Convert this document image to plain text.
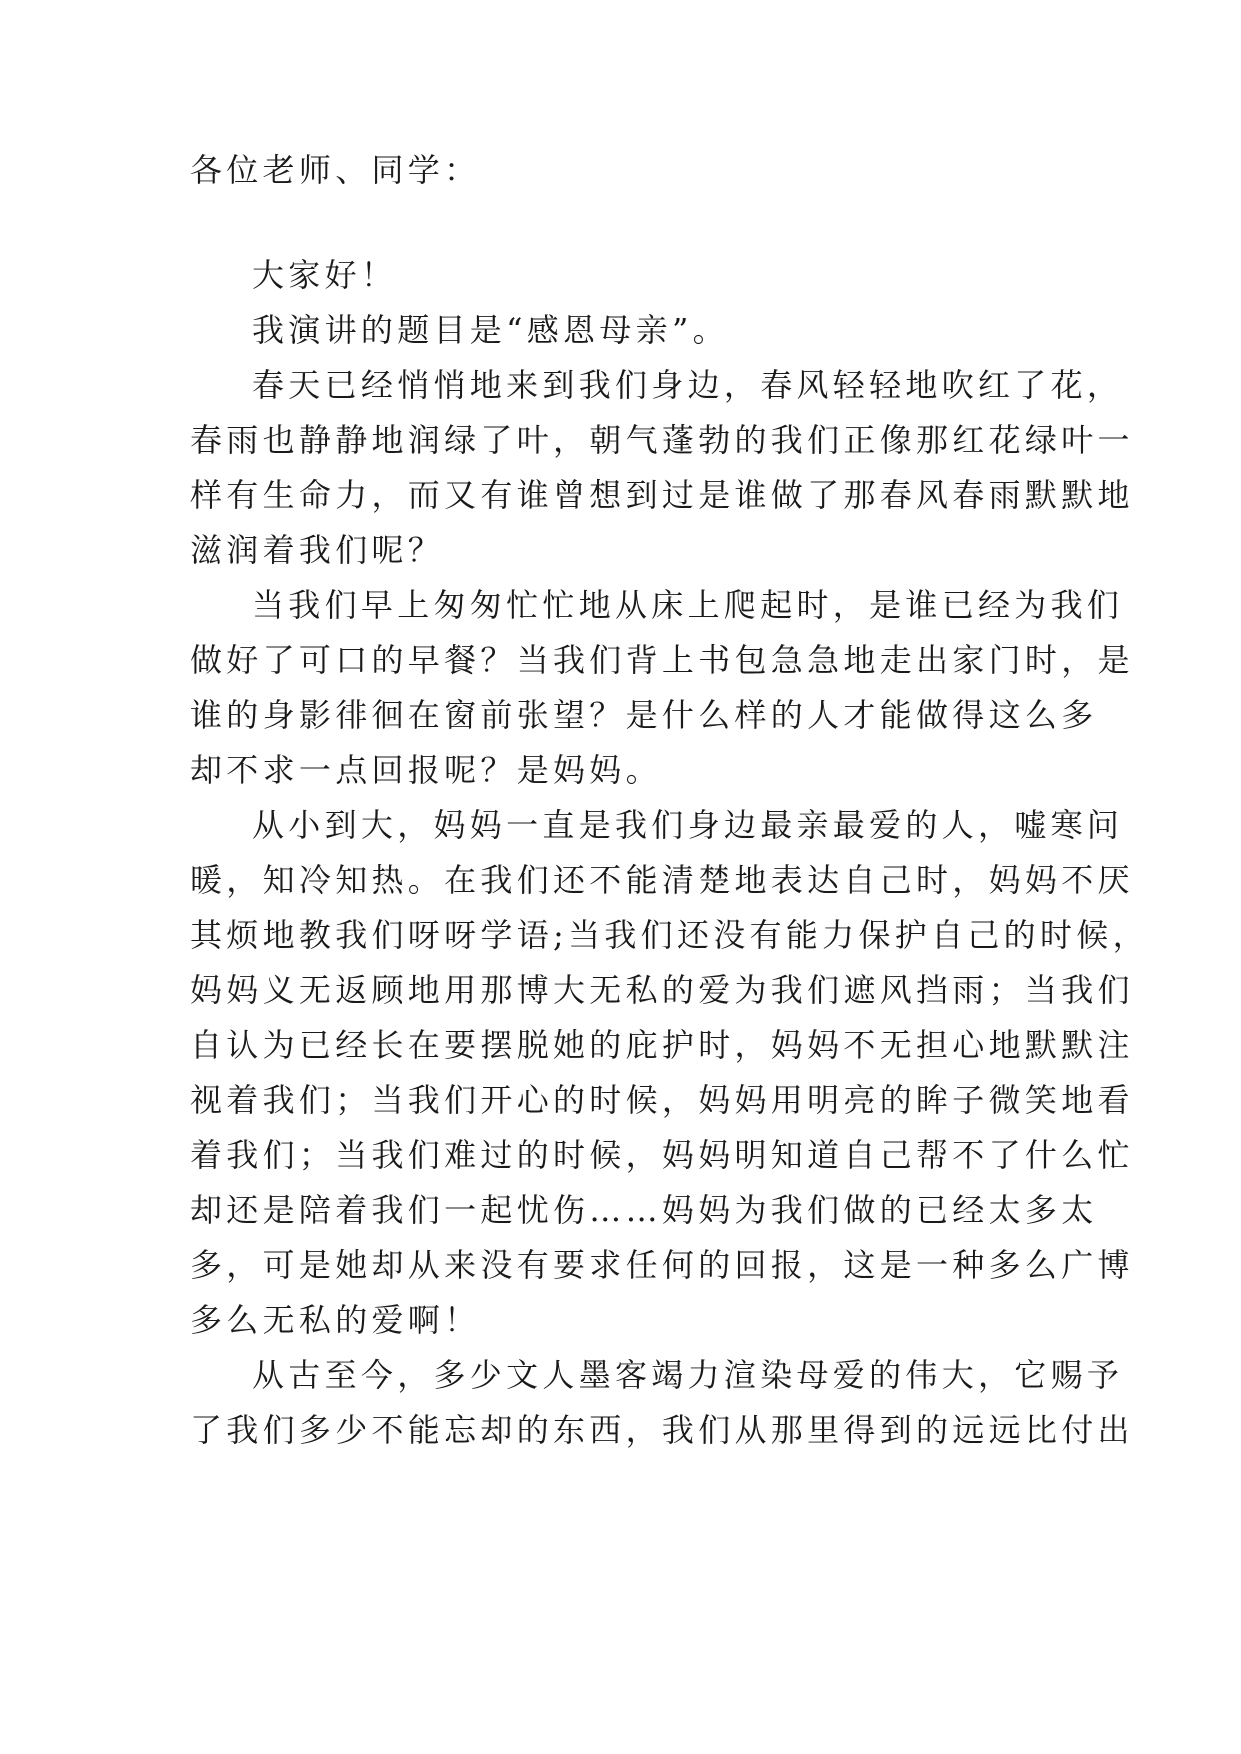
各位老师、同学：
大家好！
我演讲的题目是“感恩母亲”。
春天已经悄悄地来到我们身边，春风轻轻地吹红了花，
春雨也静静地润绿了叶，朝气蓬勃的我们正像那红花绿叶一
样有生命力，而又有谁曾想到过是谁做了那春风春雨默默地
滋润着我们呢？
当我们早上匆匆忙忙地从床上爬起时，是谁已经为我们
做好了可口的早餐？当我们背上书包急急地走出家门时，是
谁的身影徘徊在窗前张望？是什么样的人才能做得这么多
却不求一点回报呢？是妈妈。
从小到大，妈妈一直是我们身边最亲最爱的人，嘘寒问
暖，知冷知热。在我们还不能清楚地表达自己时，妈妈不厌
其烦地教我们呀呀学语;当我们还没有能力保护自己的时候，
妈妈义无返顾地用那博大无私的爱为我们遮风挡雨；当我们
自认为已经长在要摆脱她的庇护时，妈妈不无担心地默默注
视着我们；当我们开心的时候，妈妈用明亮的眸子微笑地看
着我们；当我们难过的时候，妈妈明知道自己帮不了什么忙
却还是陪着我们一起忧伤……妈妈为我们做的已经太多太
多，可是她却从来没有要求任何的回报，这是一种多么广博
多么无私的爱啊！
从古至今，多少文人墨客竭力渲染母爱的伟大，它赐予
了我们多少不能忘却的东西，我们从那里得到的远远比付出
